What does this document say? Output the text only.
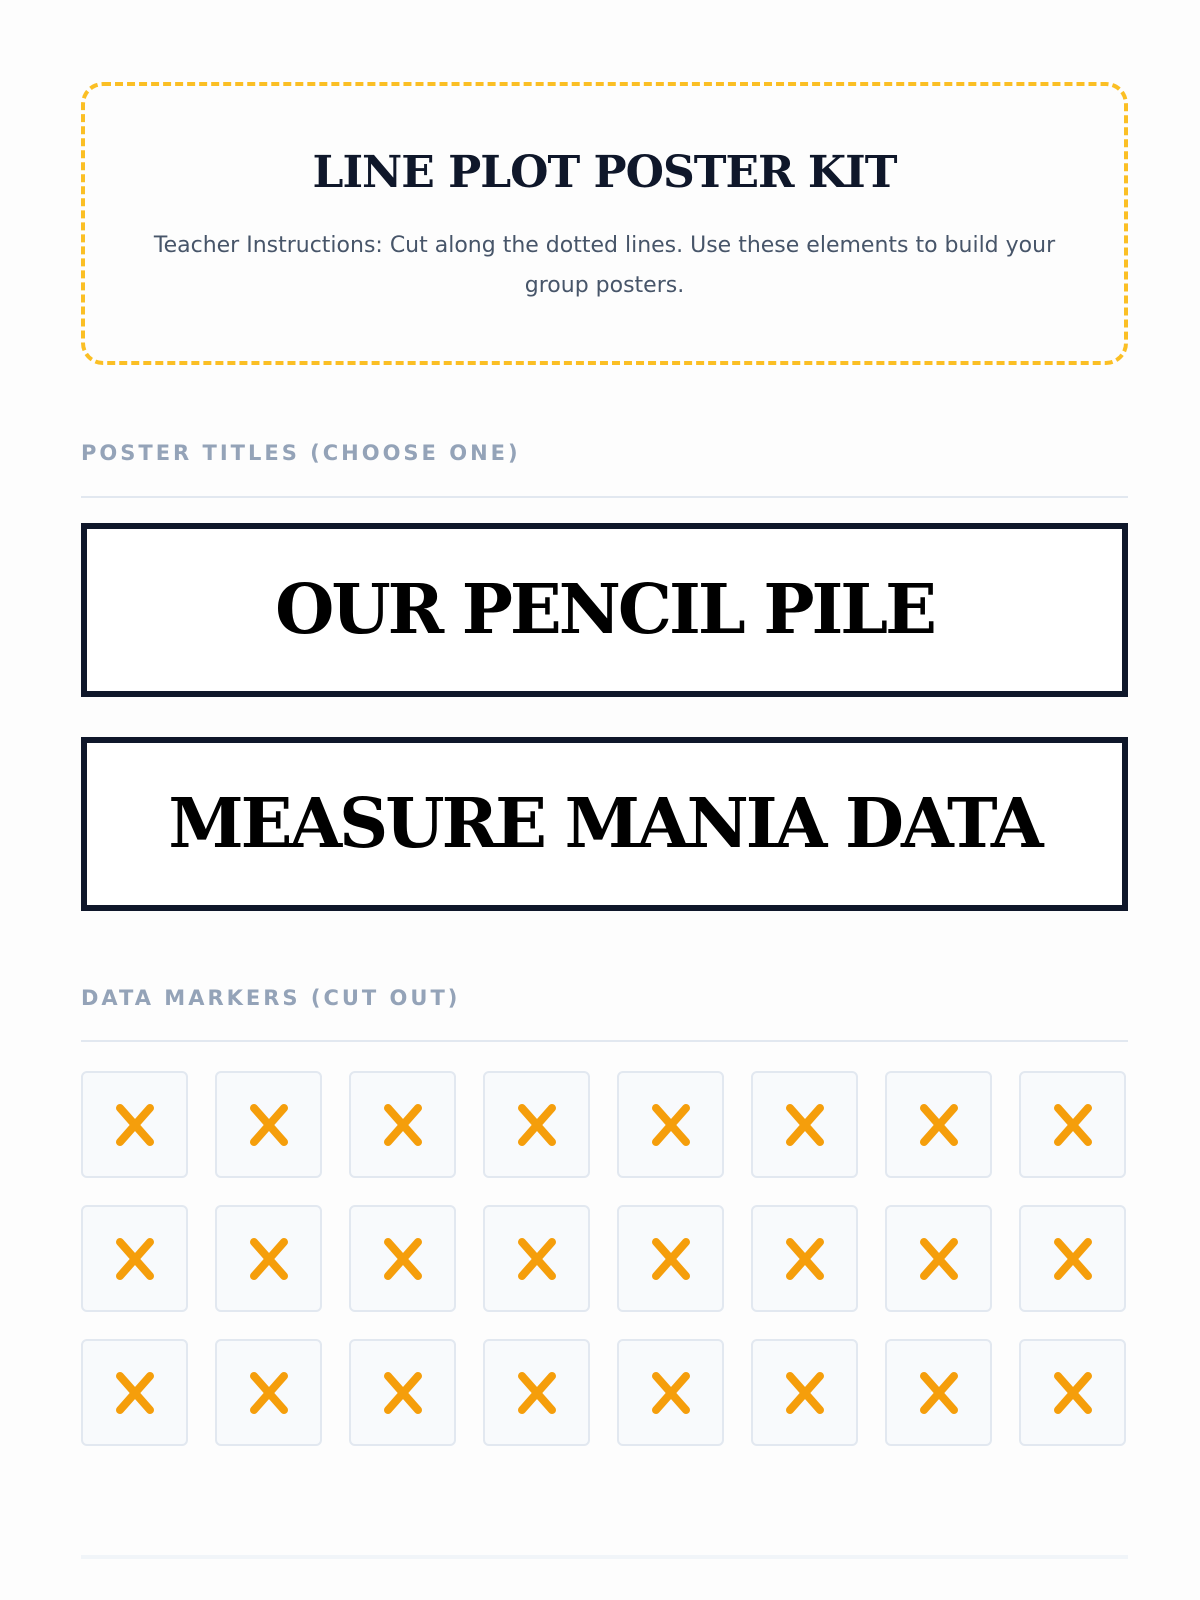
LINE PLOT POSTER KIT
Teacher Instructions: Cut along the dotted lines. Use these elements to build your group posters.
POSTER TITLES (CHOOSE ONE)
OUR PENCIL PILE
MEASURE MANIA DATA
DATA MARKERS (CUT OUT)
